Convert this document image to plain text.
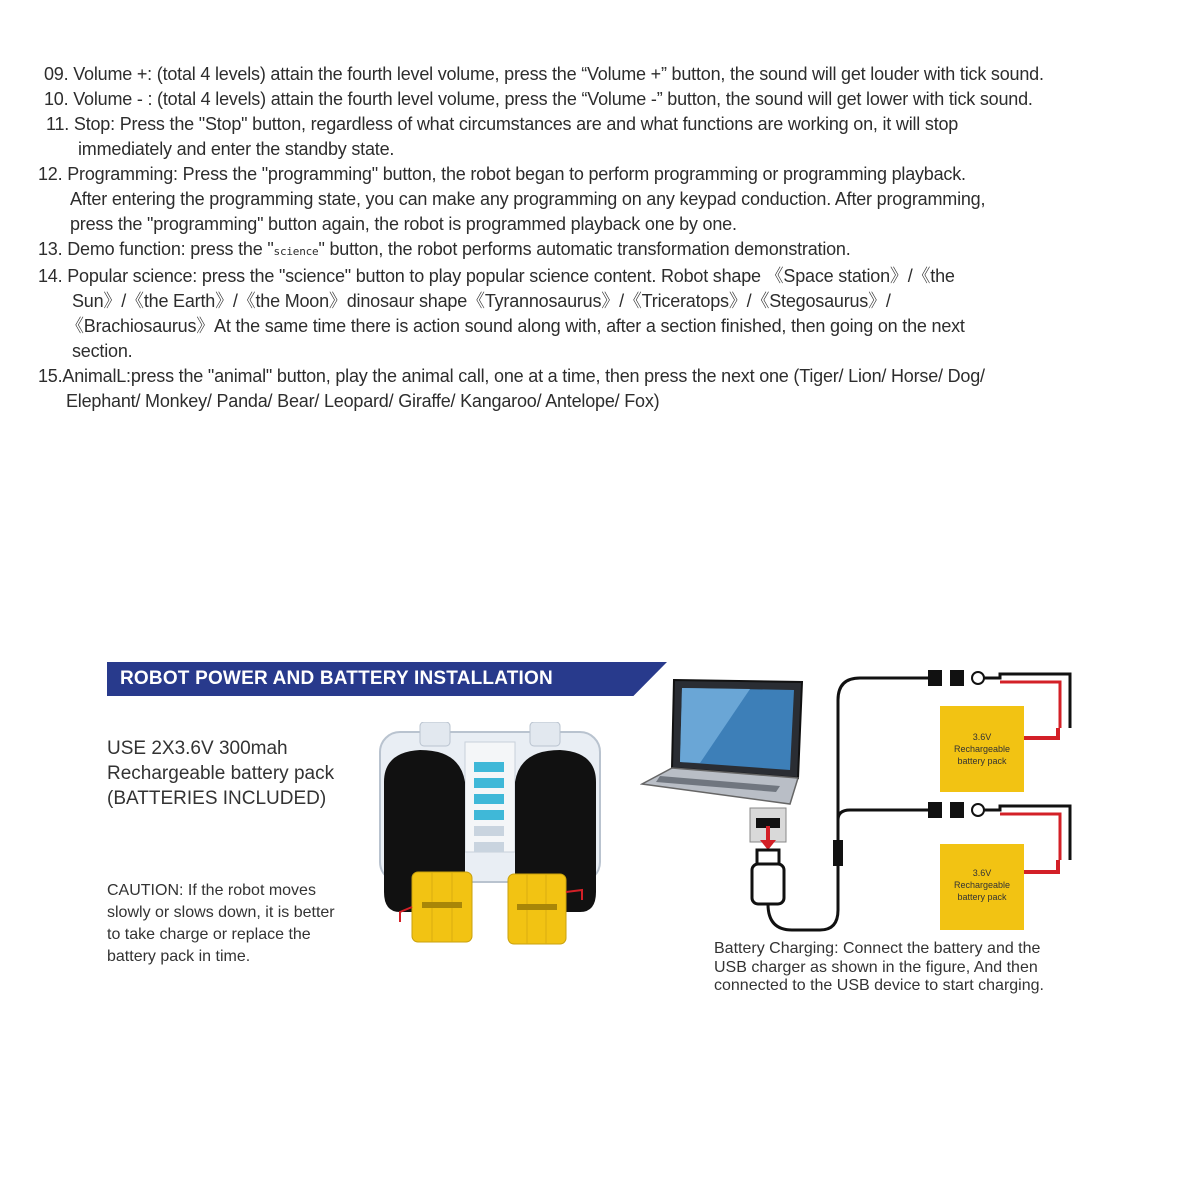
09. Volume +: (total 4 levels) attain the fourth level volume, press the “Volume +” button, the sound will get louder with tick sound.
10. Volume - : (total 4 levels) attain the fourth level volume, press the “Volume -” button, the sound will get lower with tick sound.
11. Stop: Press the "Stop" button, regardless of what circumstances are and what functions are working on, it will stop
immediately and enter the standby state.
12. Programming: Press the "programming" button, the robot began to perform programming or programming playback.
After entering the programming state, you can make any programming on any keypad conduction. After programming,
press the "programming" button again, the robot is programmed playback one by one.
13. Demo function: press the "science" button, the robot performs automatic transformation demonstration.
14. Popular science: press the "science" button to play popular science content. Robot shape 《Space station》/《the
Sun》/《the Earth》/《the Moon》dinosaur shape《Tyrannosaurus》/《Triceratops》/《Stegosaurus》/
《Brachiosaurus》At the same time there is action sound along with, after a section finished, then going on the next
section.
15.AnimalL:press the "animal" button, play the animal call, one at a time, then press the next one (Tiger/ Lion/ Horse/ Dog/
Elephant/ Monkey/ Panda/ Bear/ Leopard/ Giraffe/ Kangaroo/ Antelope/ Fox)
ROBOT POWER AND BATTERY INSTALLATION
USE 2X3.6V 300mah
Rechargeable battery pack
(BATTERIES INCLUDED)
CAUTION: If the robot moves
slowly or slows down, it is better
to take charge or replace the
battery pack in time.
3.6V
Rechargeable
battery pack
3.6V
Rechargeable
battery pack
Battery Charging: Connect the battery and the
USB charger as shown in the figure, And then
connected to the USB device to start charging.
